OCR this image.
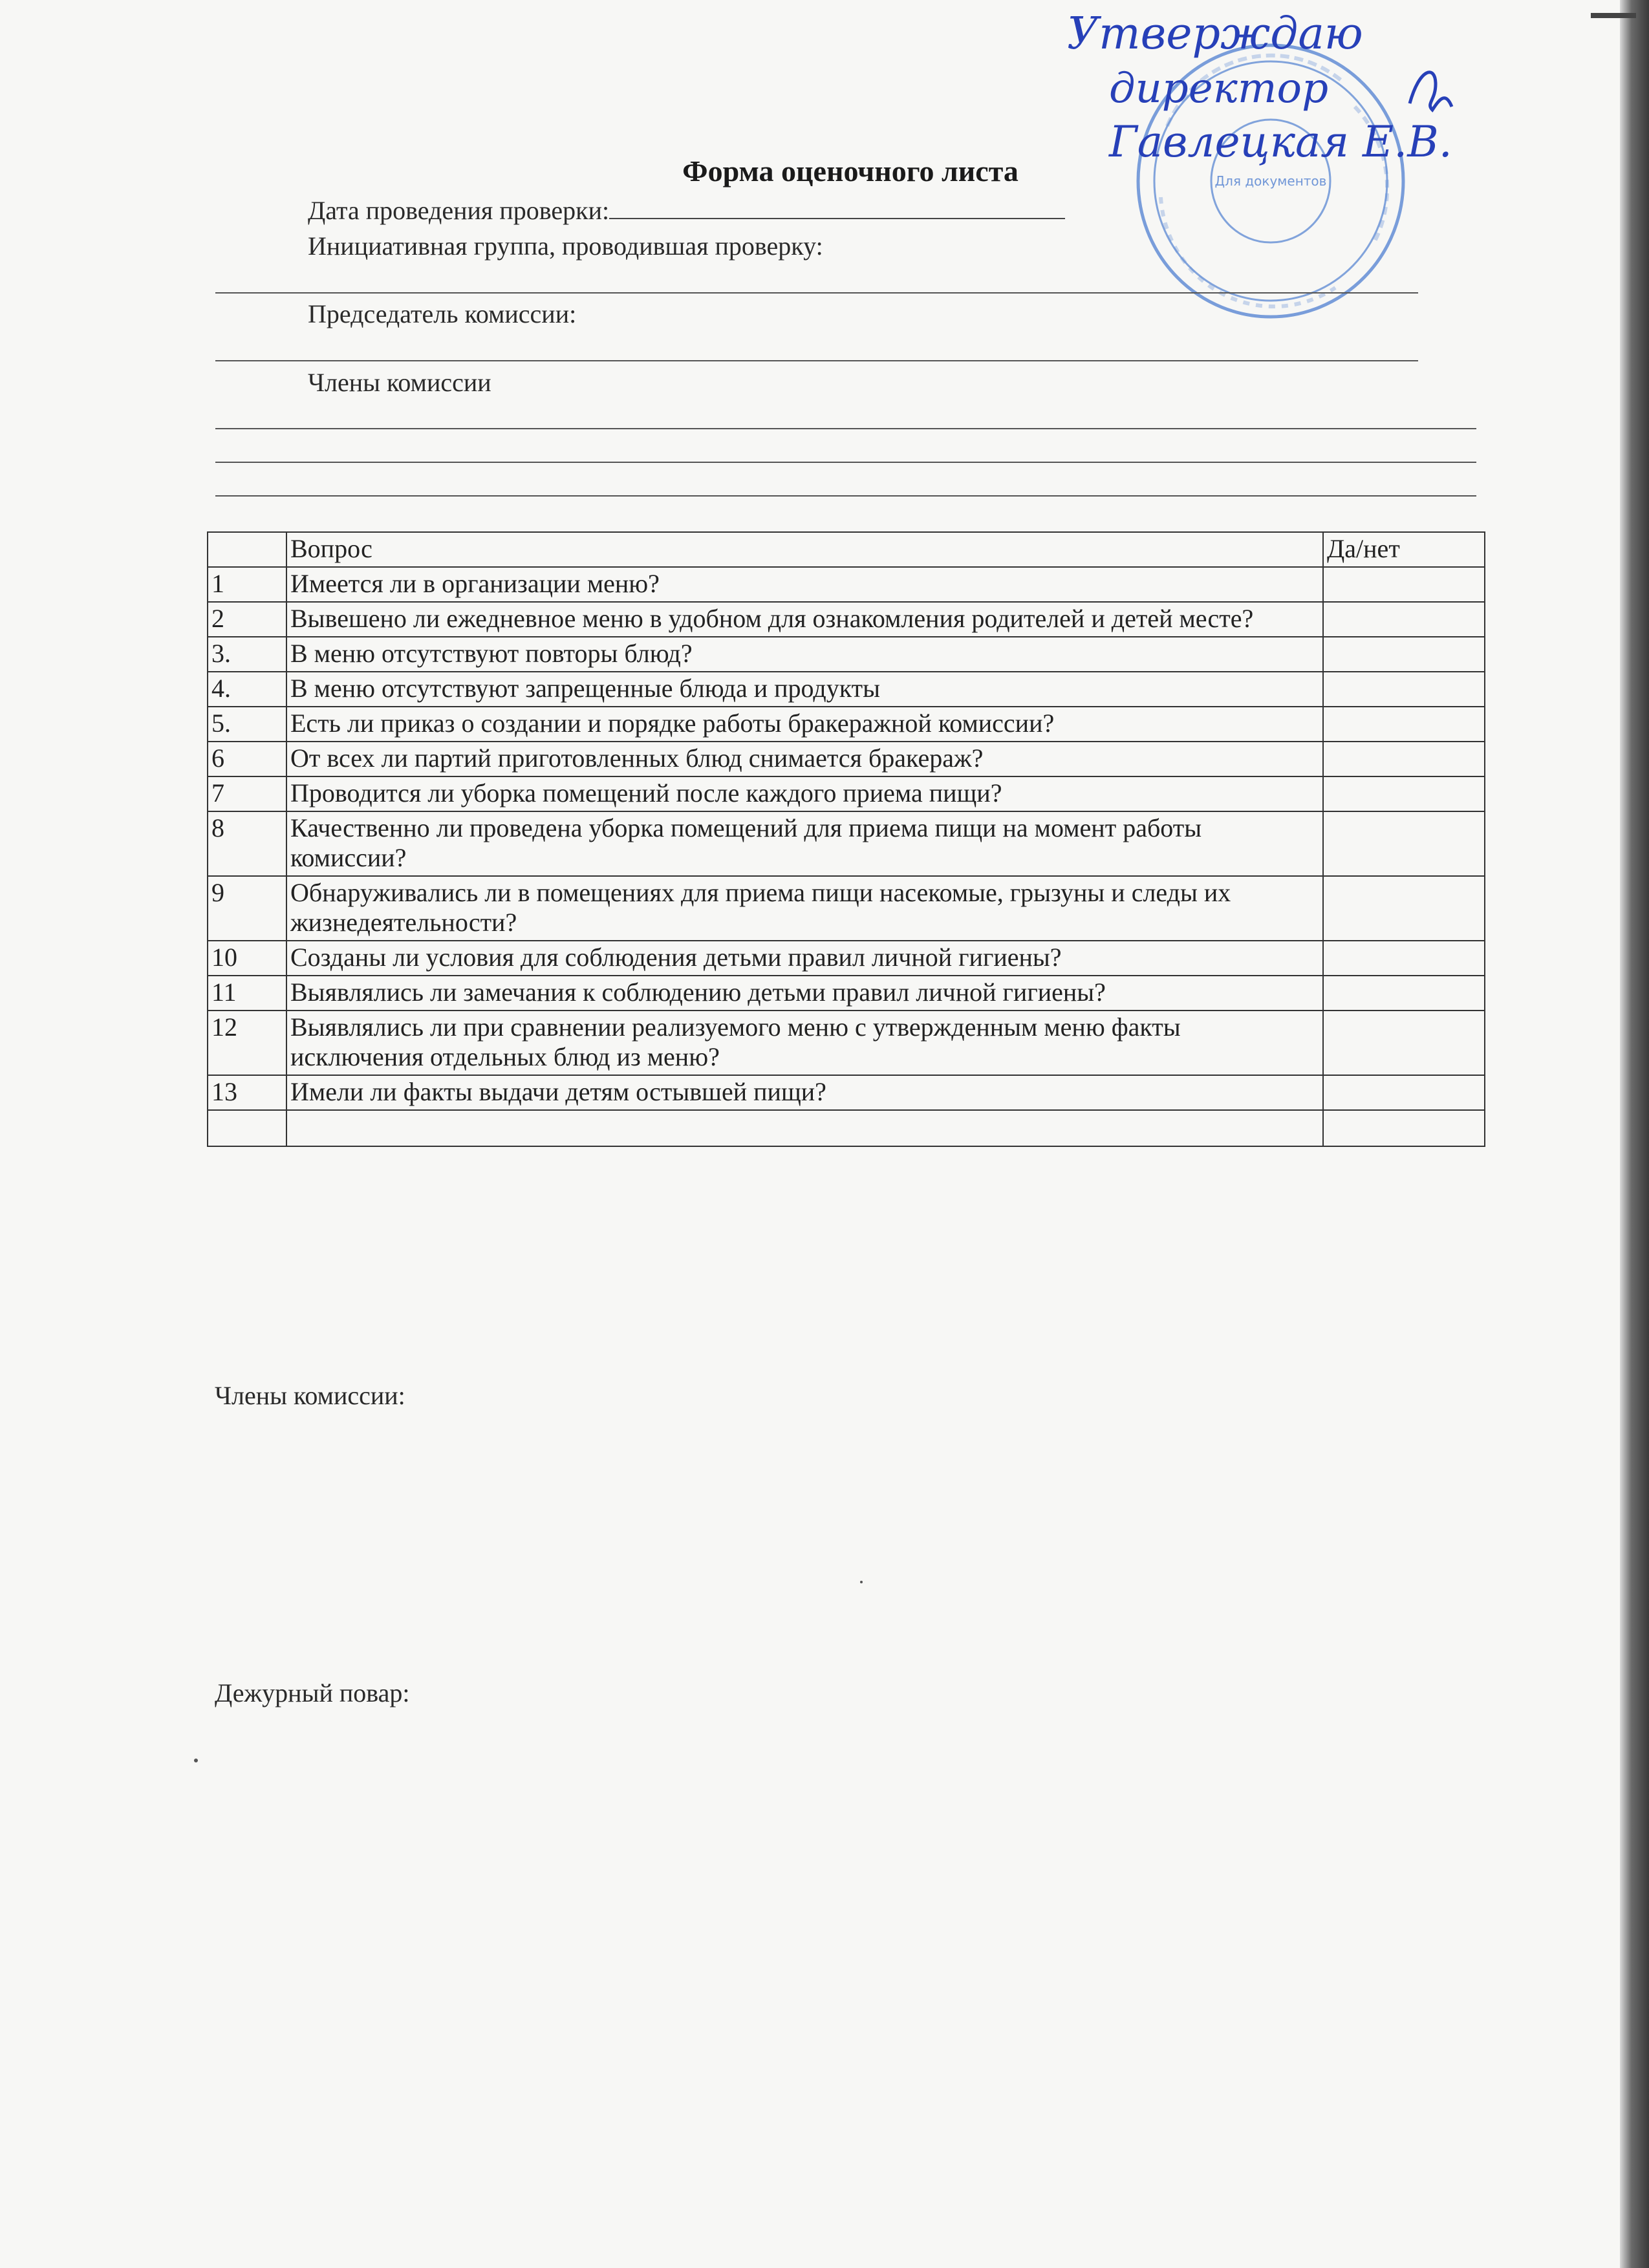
Для документов
Утверждаю
директор
Гавлецкая Е.В.
Форма оценочного листа
Дата проведения проверки:
Инициативная группа, проводившая проверку:
Председатель комиссии:
Члены комиссии
	Вопрос	Да/нет
1	Имеется ли в организации меню?	
2	Вывешено ли ежедневное меню в удобном для ознакомления родителей и детей месте?	
3.	В меню отсутствуют повторы блюд?	
4.	В меню отсутствуют запрещенные блюда и продукты	
5.	Есть ли приказ о создании и порядке работы бракеражной комиссии?	
6	От всех ли партий приготовленных блюд снимается бракераж?	
7	Проводится ли уборка помещений после каждого приема пищи?	
8	Качественно ли проведена уборка помещений для приема пищи на момент работы комиссии?	
9	Обнаруживались ли в помещениях для приема пищи насекомые, грызуны и следы их жизнедеятельности?	
10	Созданы ли условия для соблюдения детьми правил личной гигиены?	
11	Выявлялись ли замечания к соблюдению детьми правил личной гигиены?	
12	Выявлялись ли при сравнении реализуемого меню с утвержденным меню факты исключения отдельных блюд из меню?	
13	Имели ли факты выдачи детям остывшей пищи?	

Члены комиссии:
Дежурный повар:
